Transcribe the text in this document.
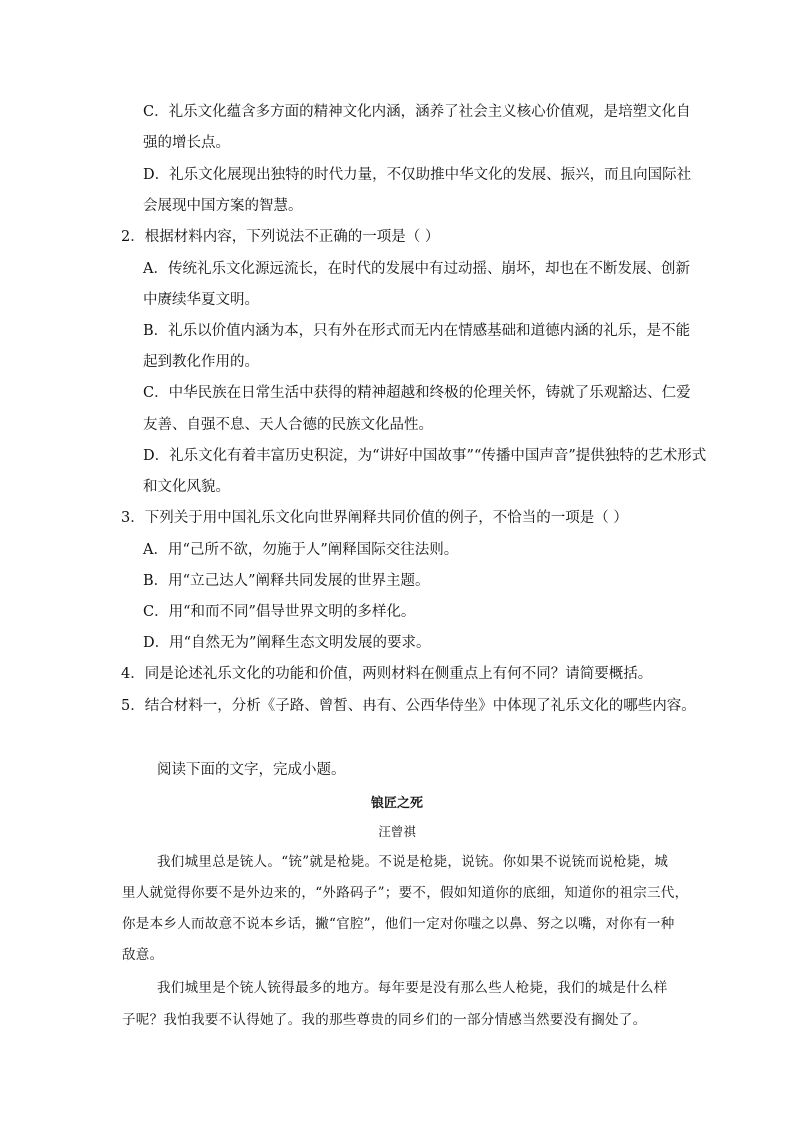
C．礼乐文化蕴含多方面的精神文化内涵，涵养了社会主义核心价值观，是培塑文化自
强的增长点。
D．礼乐文化展现出独特的时代力量，不仅助推中华文化的发展、振兴，而且向国际社
会展现中国方案的智慧。
2．根据材料内容，下列说法不正确的一项是（ ）
A．传统礼乐文化源远流长，在时代的发展中有过动摇、崩坏，却也在不断发展、创新
中赓续华夏文明。
B．礼乐以价值内涵为本，只有外在形式而无内在情感基础和道德内涵的礼乐，是不能
起到教化作用的。
C．中华民族在日常生活中获得的精神超越和终极的伦理关怀，铸就了乐观豁达、仁爱
友善、自强不息、天人合德的民族文化品性。
D．礼乐文化有着丰富历史积淀，为“讲好中国故事”“传播中国声音”提供独特的艺术形式
和文化风貌。
3．下列关于用中国礼乐文化向世界阐释共同价值的例子，不恰当的一项是（ ）
A．用“己所不欲，勿施于人”阐释国际交往法则。
B．用“立己达人”阐释共同发展的世界主题。
C．用“和而不同”倡导世界文明的多样化。
D．用“自然无为”阐释生态文明发展的要求。
4．同是论述礼乐文化的功能和价值，两则材料在侧重点上有何不同？请简要概括。
5．结合材料一，分析《子路、曾皙、冉有、公西华侍坐》中体现了礼乐文化的哪些内容。
阅读下面的文字，完成小题。
锒匠之死
汪曾祺
我们城里总是铳人。“铳”就是枪毙。不说是枪毙，说铳。你如果不说铳而说枪毙，城
里人就觉得你要不是外边来的，“外路码子”；要不，假如知道你的底细，知道你的祖宗三代，
你是本乡人而故意不说本乡话，撇“官腔”，他们一定对你嗤之以鼻、努之以嘴，对你有一种
敌意。
我们城里是个铳人铳得最多的地方。每年要是没有那么些人枪毙，我们的城是什么样
子呢？我怕我要不认得她了。我的那些尊贵的同乡们的一部分情感当然要没有搁处了。
